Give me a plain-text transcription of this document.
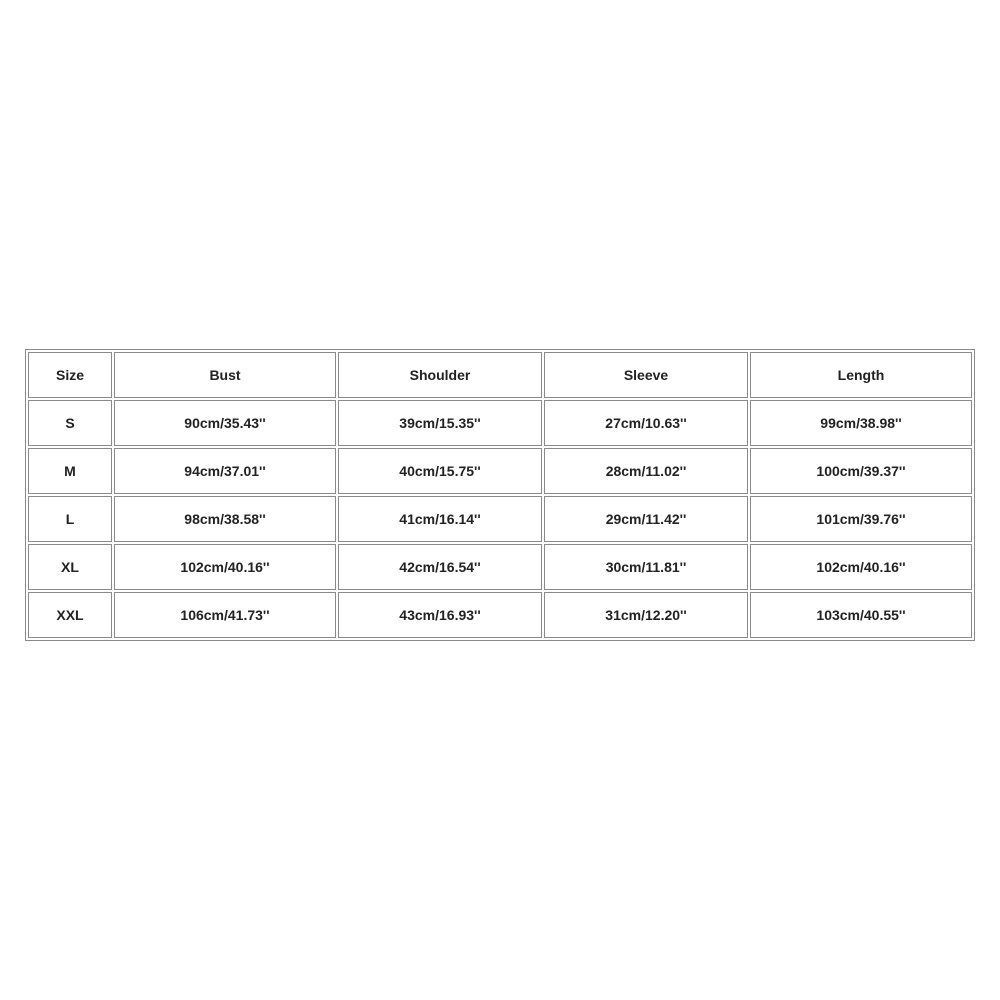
Size	Bust	Shoulder	Sleeve	Length
S	90cm/35.43''	39cm/15.35''	27cm/10.63''	99cm/38.98''
M	94cm/37.01''	40cm/15.75''	28cm/11.02''	100cm/39.37''
L	98cm/38.58''	41cm/16.14''	29cm/11.42''	101cm/39.76''
XL	102cm/40.16''	42cm/16.54''	30cm/11.81''	102cm/40.16''
XXL	106cm/41.73''	43cm/16.93''	31cm/12.20''	103cm/40.55''
